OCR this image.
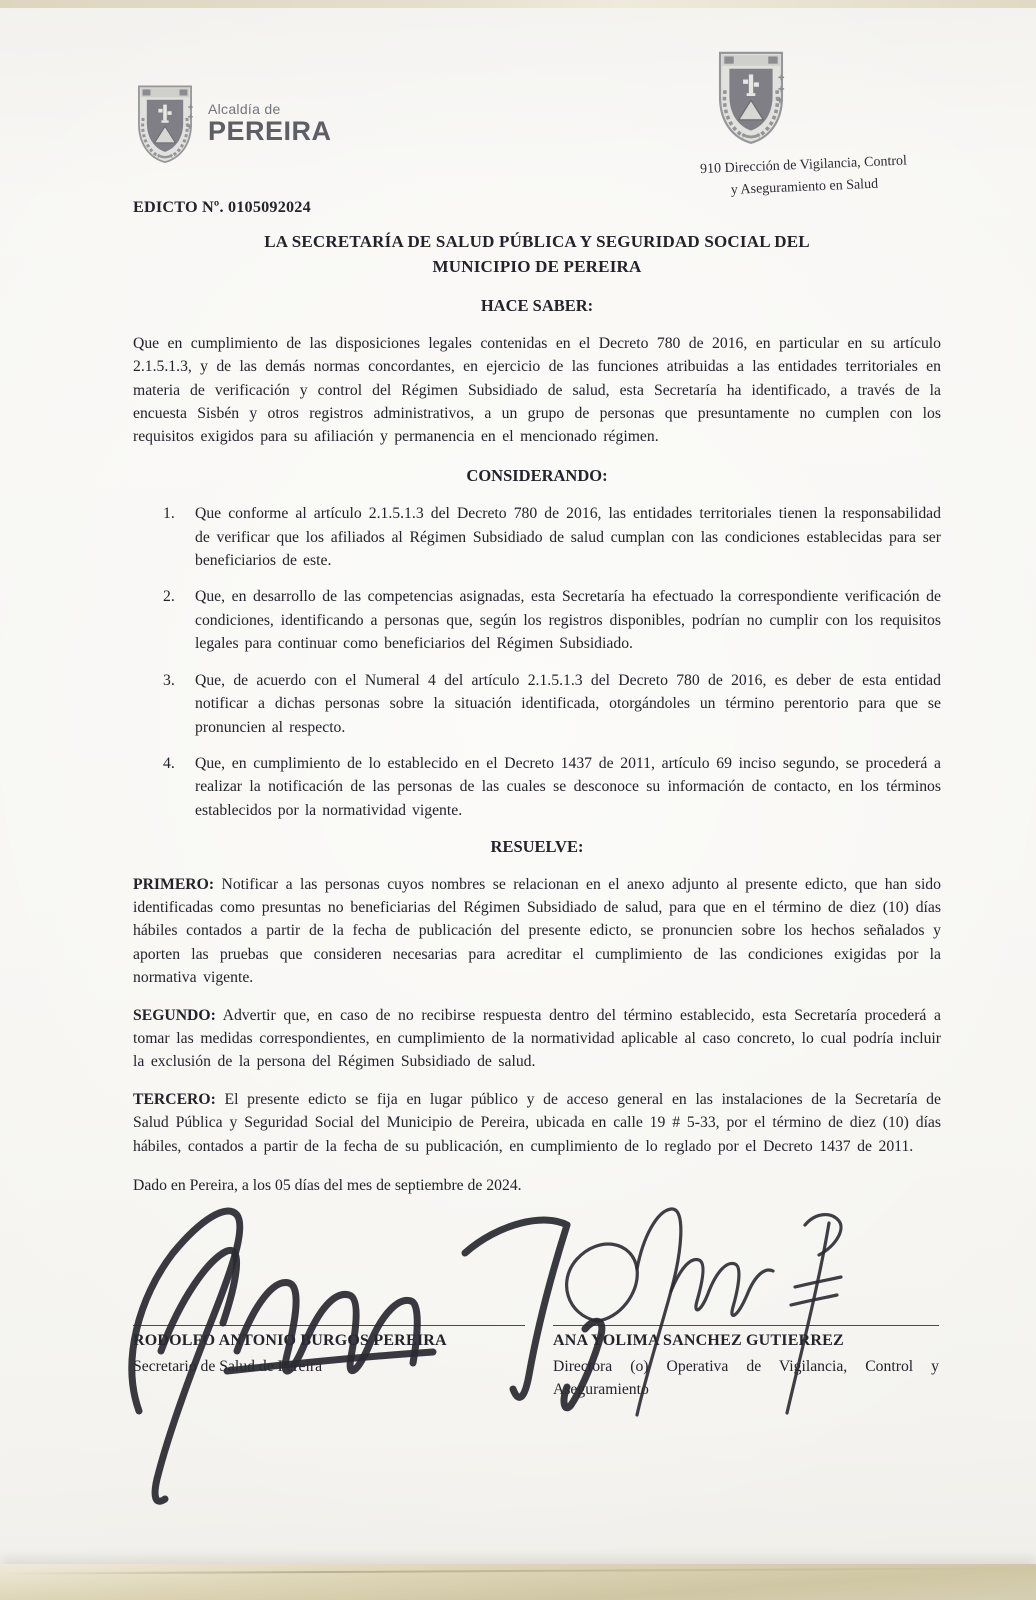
Alcaldía de
PEREIRA
910 Dirección de Vigilancia, Control
y Aseguramiento en Salud
EDICTO Nº. 0105092024
LA SECRETARÍA DE SALUD PÚBLICA Y SEGURIDAD SOCIAL DEL
MUNICIPIO DE PEREIRA
HACE SABER:

Que en cumplimiento de las disposiciones legales contenidas en el Decreto 780 de 2016, en particular en su artículo 2.1.5.1.3, y de las demás normas concordantes, en ejercicio de las funciones atribuidas a las entidades territoriales en materia de verificación y control del Régimen Subsidiado de salud, esta Secretaría ha identificado, a través de la encuesta Sisbén y otros registros administrativos, a un grupo de personas que presuntamente no cumplen con los requisitos exigidos para su afiliación y permanencia en el mencionado régimen.

CONSIDERANDO:
1.	Que conforme al artículo 2.1.5.1.3 del Decreto 780 de 2016, las entidades territoriales tienen la responsabilidad de verificar que los afiliados al Régimen Subsidiado de salud cumplan con las condiciones establecidas para ser beneficiarios de este.
2.	Que, en desarrollo de las competencias asignadas, esta Secretaría ha efectuado la correspondiente verificación de condiciones, identificando a personas que, según los registros disponibles, podrían no cumplir con los requisitos legales para continuar como beneficiarios del Régimen Subsidiado.
3.	Que, de acuerdo con el Numeral 4 del artículo 2.1.5.1.3 del Decreto 780 de 2016, es deber de esta entidad notificar a dichas personas sobre la situación identificada, otorgándoles un término perentorio para que se pronuncien al respecto.
4.	Que, en cumplimiento de lo establecido en el Decreto 1437 de 2011, artículo 69 inciso segundo, se procederá a realizar la notificación de las personas de las cuales se desconoce su información de contacto, en los términos establecidos por la normatividad vigente.
RESUELVE:

PRIMERO: Notificar a las personas cuyos nombres se relacionan en el anexo adjunto al presente edicto, que han sido identificadas como presuntas no beneficiarias del Régimen Subsidiado de salud, para que en el término de diez (10) días hábiles contados a partir de la fecha de publicación del presente edicto, se pronuncien sobre los hechos señalados y aporten las pruebas que consideren necesarias para acreditar el cumplimiento de las condiciones exigidas por la normativa vigente.

SEGUNDO: Advertir que, en caso de no recibirse respuesta dentro del término establecido, esta Secretaría procederá a tomar las medidas correspondientes, en cumplimiento de la normatividad aplicable al caso concreto, lo cual podría incluir la exclusión de la persona del Régimen Subsidiado de salud.

TERCERO: El presente edicto se fija en lugar público y de acceso general en las instalaciones de la Secretaría de Salud Pública y Seguridad Social del Municipio de Pereira, ubicada en calle 19 # 5-33, por el término de diez (10) días hábiles, contados a partir de la fecha de su publicación, en cumplimiento de lo reglado por el Decreto 1437 de 2011.

Dado en Pereira, a los 05 días del mes de septiembre de 2024.

RODOLFO ANTONIO BURGOS PEREIRA
Secretario de Salud de Pereira
ANA YOLIMA SANCHEZ GUTIERREZ
Directora (o) Operativa de Vigilancia, Control y Aseguramiento
